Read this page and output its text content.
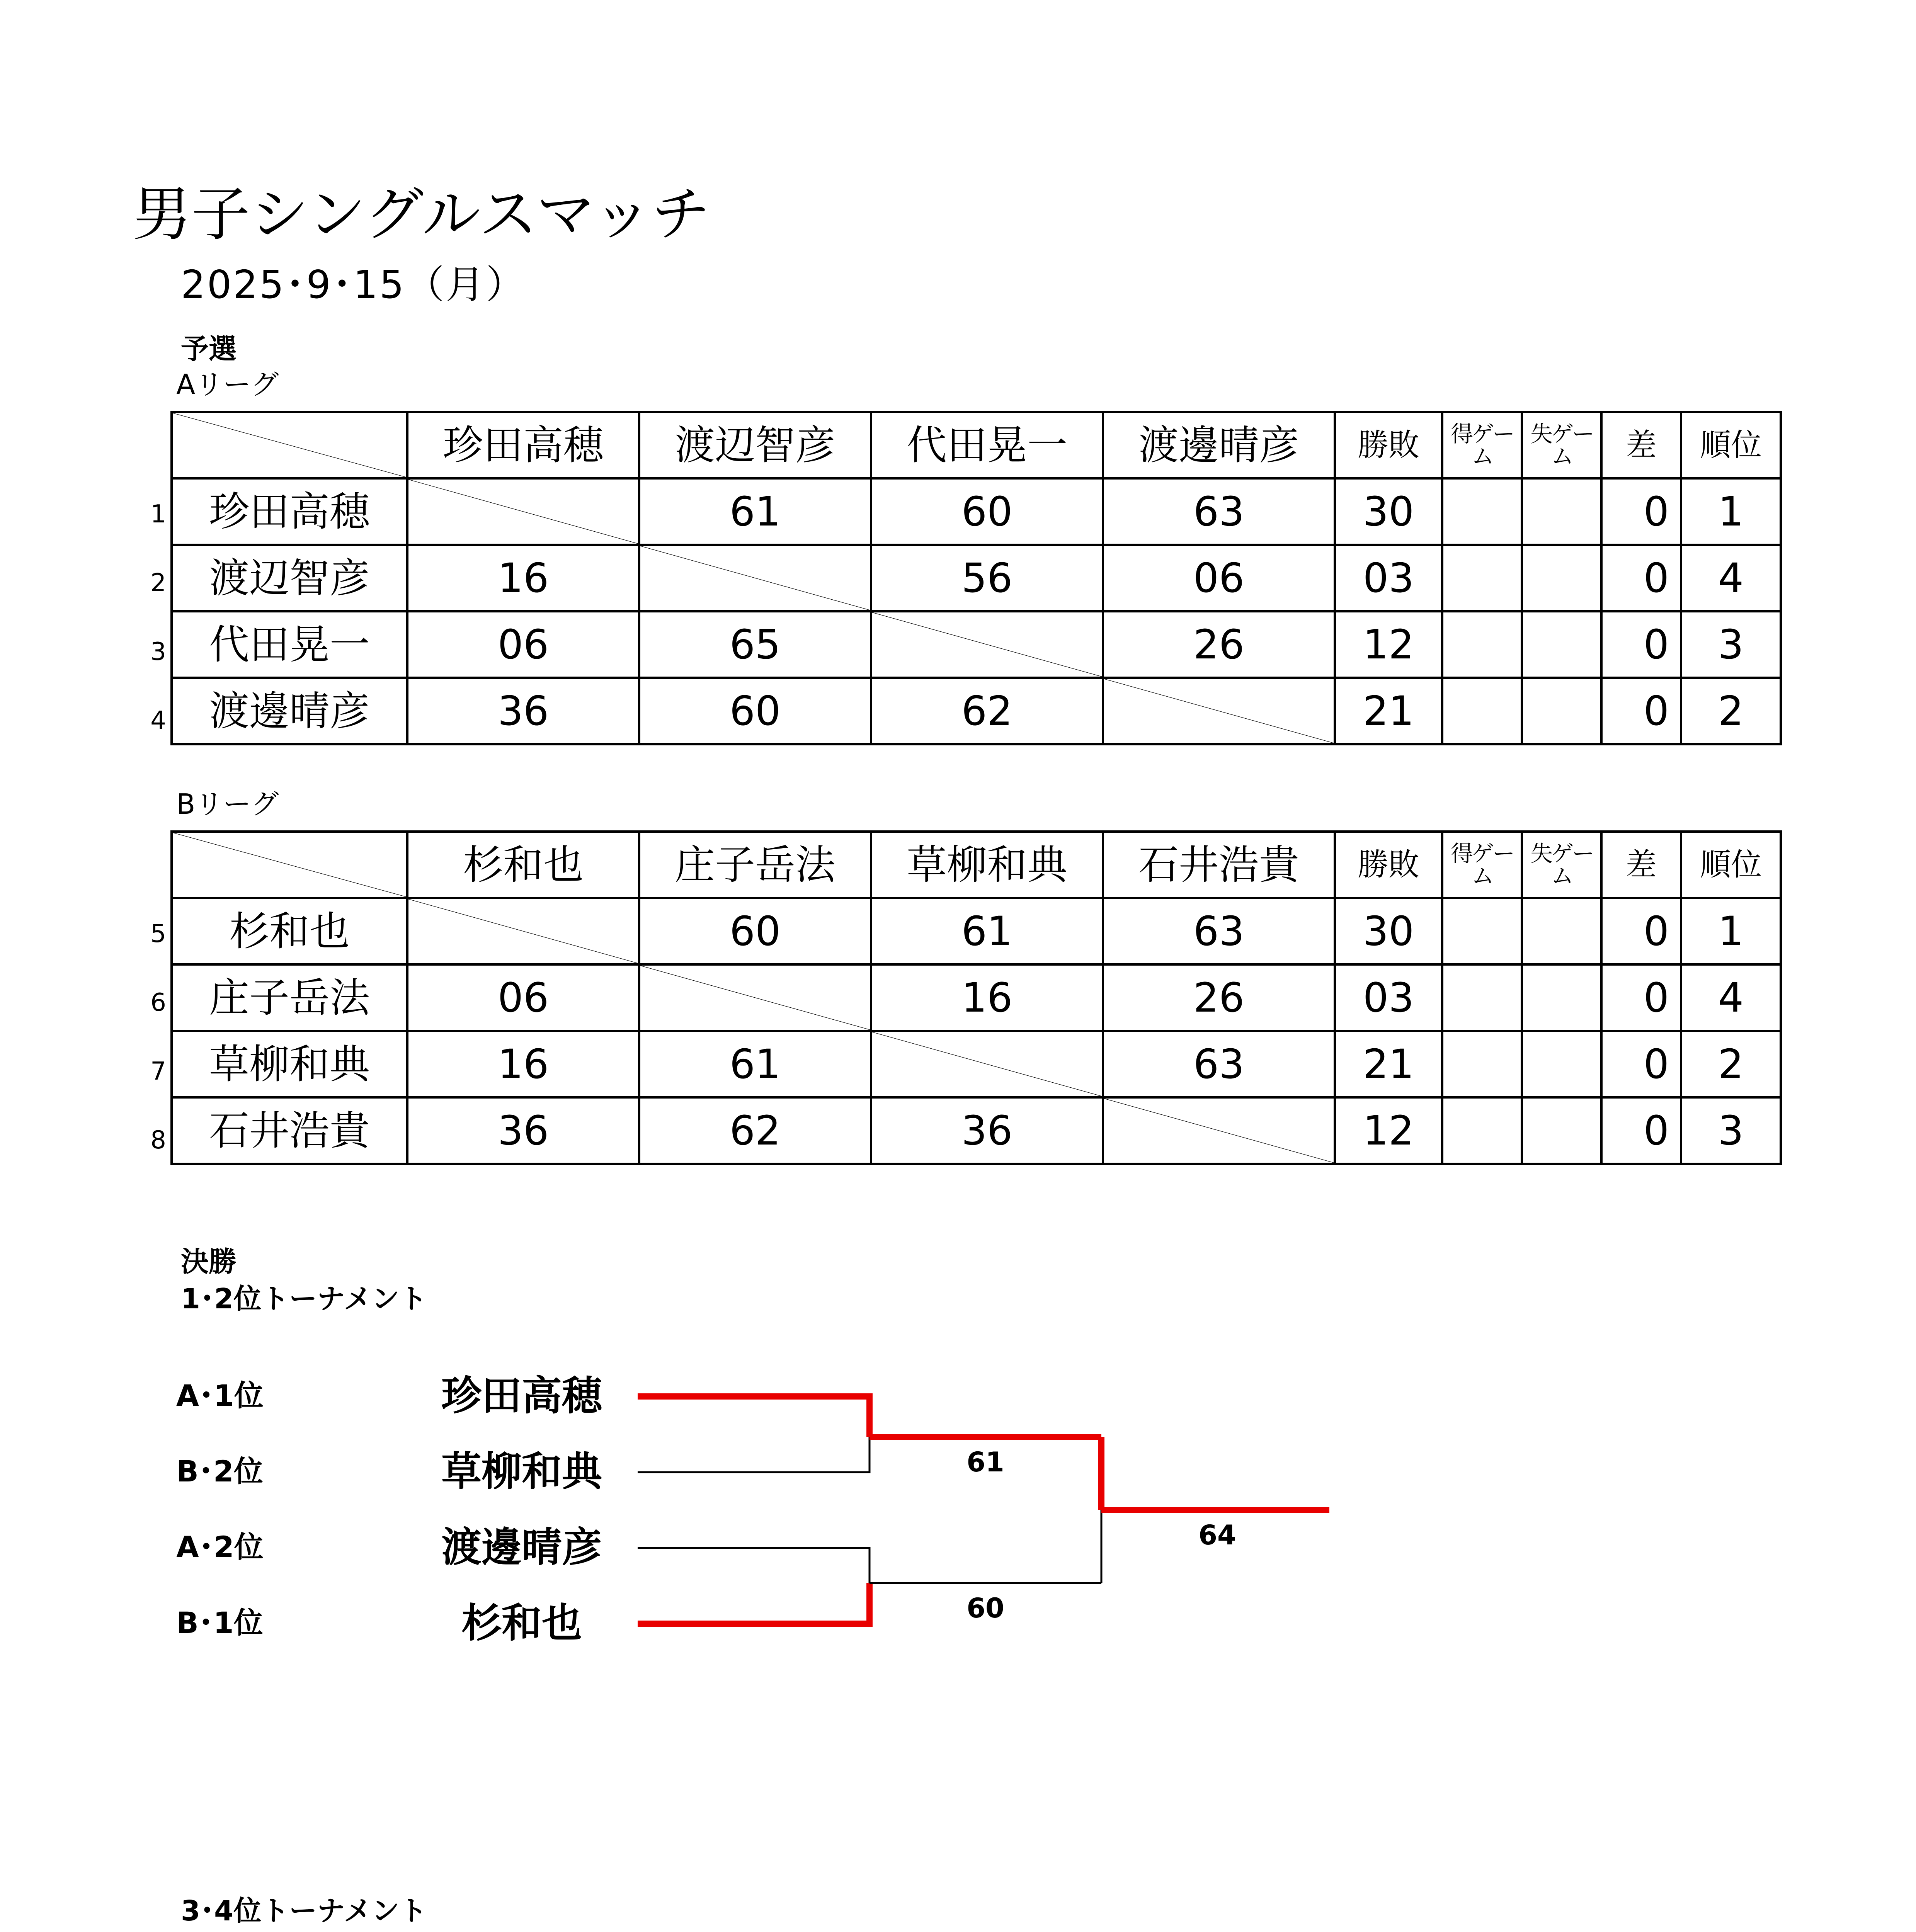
男子シングルスマッチ
2025･9･15（月）
予選
Aリーグ
1
2
3
4
	珍田高穂	渡辺智彦	代田晃一	渡邊晴彦	勝敗	得ゲーム	失ゲーム	差	順位
珍田高穂		61	60	63	30			0	1
渡辺智彦	16		56	06	03			0	4
代田晃一	06	65		26	12			0	3
渡邊晴彦	36	60	62		21			0	2
Bリーグ
5
6
7
8
	杉和也	庄子岳法	草柳和典	石井浩貴	勝敗	得ゲーム	失ゲーム	差	順位
杉和也		60	61	63	30			0	1
庄子岳法	06		16	26	03			0	4
草柳和典	16	61		63	21			0	2
石井浩貴	36	62	36		12			0	3
決勝
1･2位トーナメント
A･1位	珍田高穂
B･2位	草柳和典
A･2位	渡邊晴彦
B･1位	杉和也
61
60
64
3･4位トーナメント
